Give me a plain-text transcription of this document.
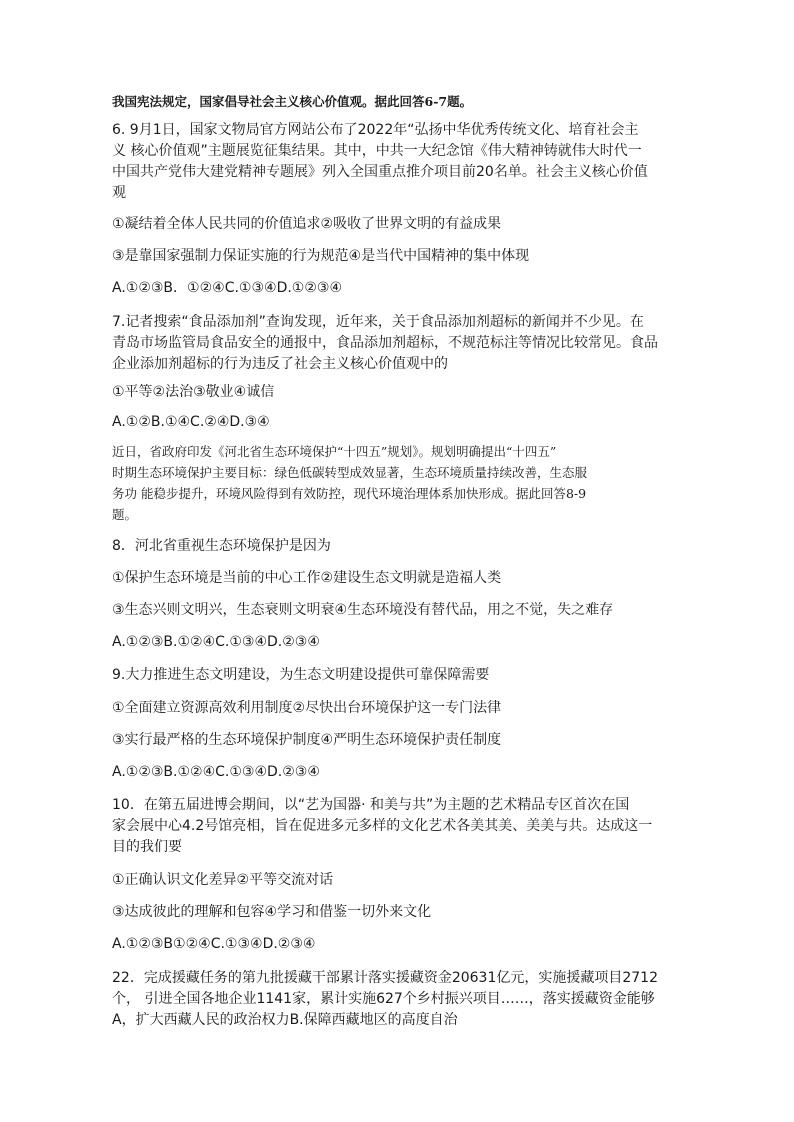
我国宪法规定，国家倡导社会主义核心价值观。据此回答6-7题。
6. 9月1日，国家文物局官方网站公布了2022年“弘扬中华优秀传统文化、培育社会主
义 核心价值观”主题展览征集结果。其中，中共一大纪念馆《伟大精神铸就伟大时代一
中国共产党伟大建党精神专题展》列入全国重点推介项目前20名单。社会主义核心价值
观
①凝结着全体人民共同的价值追求②吸收了世界文明的有益成果
③是靠国家强制力保证实施的行为规范④是当代中国精神的集中体现
A.①②③B．①②④C.①③④D.①②③④
7.记者搜索“食品添加剂”查询发现，近年来，关于食品添加剂超标的新闻并不少见。在
青岛市场监管局食品安全的通报中，食品添加剂超标，不规范标注等情况比较常见。食品
企业添加剂超标的行为违反了社会主义核心价值观中的
①平等②法治③敬业④诚信
A.①②B.①④C.②④D.③④
近日，省政府印发《河北省生态环境保护“十四五”规划》。规划明确提出“十四五”
时期生态环境保护主要目标：绿色低碳转型成效显著，生态环境质量持续改善，生态服
务功 能稳步提升，环境风险得到有效防控，现代环境治理体系加快形成。据此回答8-9
题。
8．河北省重视生态环境保护是因为
①保护生态环境是当前的中心工作②建设生态文明就是造福人类
③生态兴则文明兴，生态衰则文明衰④生态环境没有替代品，用之不觉，失之难存
A.①②③B.①②④C.①③④D.②③④
9.大力推进生态文明建设，为生态文明建设提供可靠保障需要
①全面建立资源高效利用制度②尽快出台环境保护这一专门法律
③实行最严格的生态环境保护制度④严明生态环境保护责任制度
A.①②③B.①②④C.①③④D.②③④
10．在第五届进博会期间，以“艺为国器· 和美与共”为主题的艺术精品专区首次在国
家会展中心4.2号馆亮相，旨在促进多元多样的文化艺术各美其美、美美与共。达成这一
目的我们要
①正确认识文化差异②平等交流对话
③达成彼此的理解和包容④学习和借鉴一切外来文化
A.①②③B①②④C.①③④D.②③④
22．完成援藏任务的第九批援藏干部累计落实援藏资金20631亿元，实施援藏项目2712
个， 引进全国各地企业1141家，累计实施627个乡村振兴项目……，落实援藏资金能够
A，扩大西藏人民的政治权力B.保障西藏地区的高度自治
